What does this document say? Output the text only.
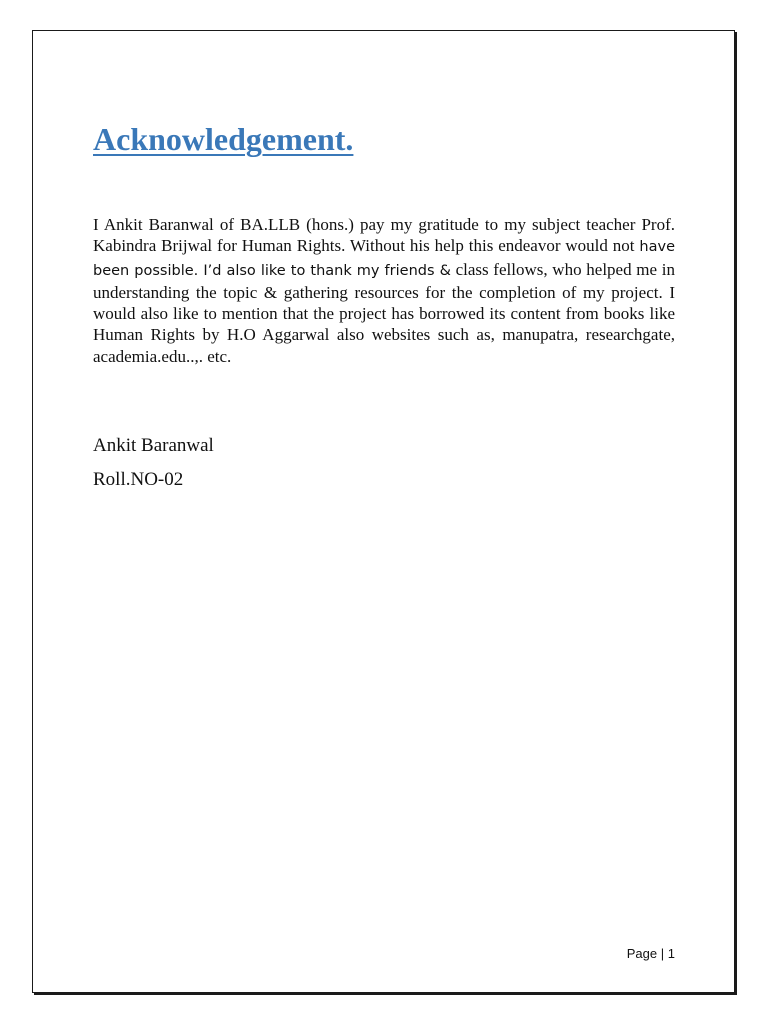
Acknowledgement.

I Ankit Baranwal of BA.LLB (hons.) pay my gratitude to my subject teacher Prof. Kabindra Brijwal for Human Rights. Without his help this endeavor would not have been possible. I’d also like to thank my friends & class fellows, who helped me in understanding the topic & gathering resources for the completion of my project. I would also like to mention that the project has borrowed its content from books like Human Rights by H.O Aggarwal also websites such as, manupatra, researchgate, academia.edu..,. etc.

Ankit Baranwal
Roll.NO-02
Page | 1
